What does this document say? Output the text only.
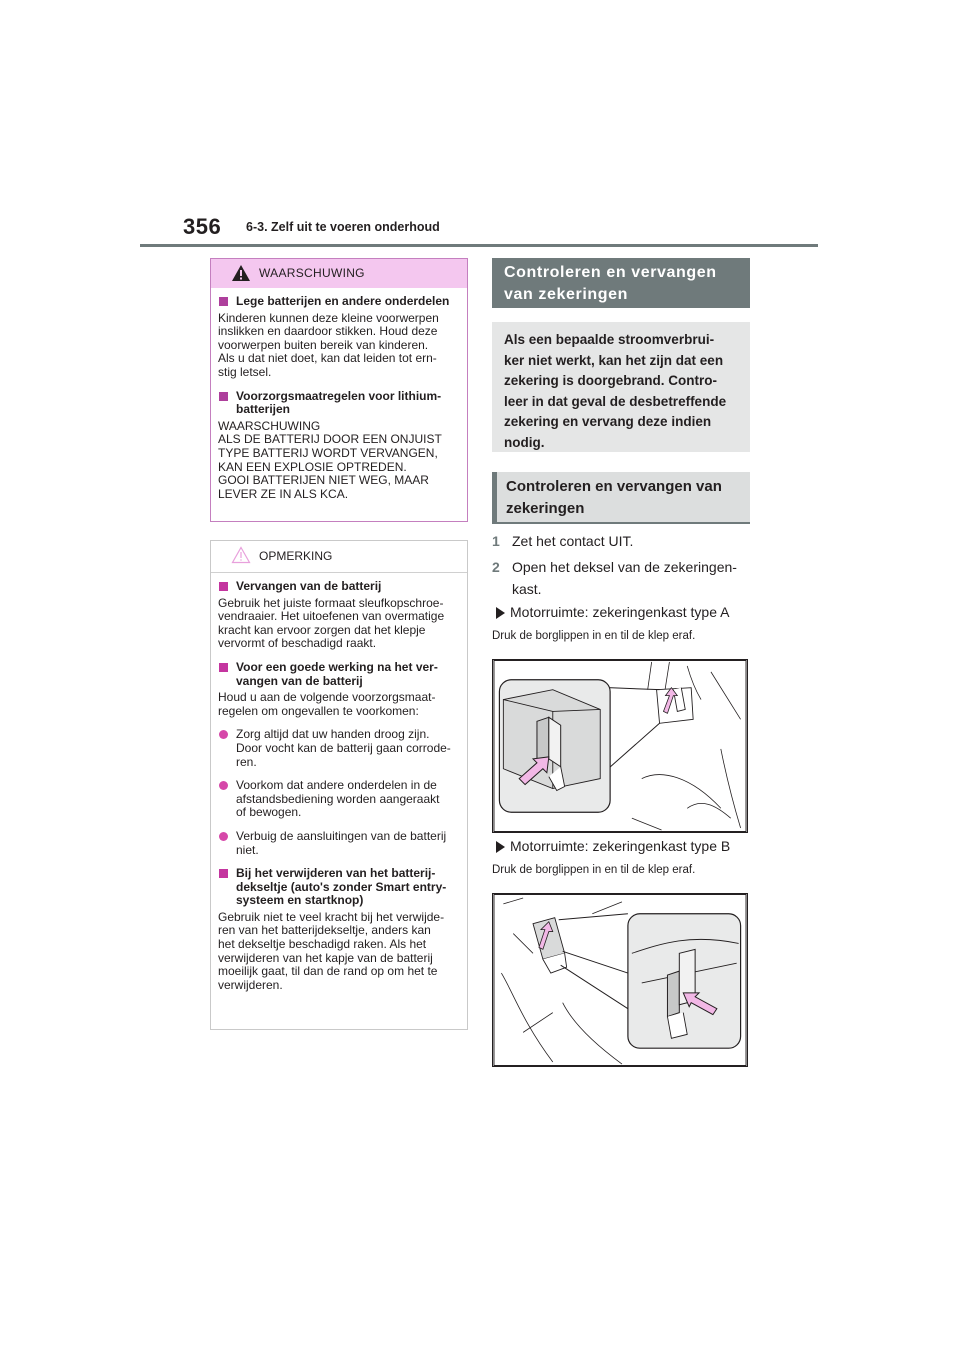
356 6-3. Zelf uit te voeren onderhoud
WAARSCHUWING
Lege batterijen en andere onderdelen
Kinderen kunnen deze kleine voorwerpen
inslikken en daardoor stikken. Houd deze
voorwerpen buiten bereik van kinderen.
Als u dat niet doet, kan dat leiden tot ern-
stig letsel.
Voorzorgsmaatregelen voor lithium-
batterijen
WAARSCHUWING
ALS DE BATTERIJ DOOR EEN ONJUIST
TYPE BATTERIJ WORDT VERVANGEN,
KAN EEN EXPLOSIE OPTREDEN.
GOOI BATTERIJEN NIET WEG, MAAR
LEVER ZE IN ALS KCA.
OPMERKING
Vervangen van de batterij
Gebruik het juiste formaat sleufkopschroe-
vendraaier. Het uitoefenen van overmatige
kracht kan ervoor zorgen dat het klepje
vervormt of beschadigd raakt.
Voor een goede werking na het ver-
vangen van de batterij
Houd u aan de volgende voorzorgsmaat-
regelen om ongevallen te voorkomen:
Zorg altijd dat uw handen droog zijn.
Door vocht kan de batterij gaan corrode-
ren.
Voorkom dat andere onderdelen in de
afstandsbediening worden aangeraakt
of bewogen.
Verbuig de aansluitingen van de batterij
niet.
Bij het verwijderen van het batterij-
dekseltje (auto's zonder Smart entry-
systeem en startknop)
Gebruik niet te veel kracht bij het verwijde-
ren van het batterijdekseltje, anders kan
het dekseltje beschadigd raken. Als het
verwijderen van het kapje van de batterij
moeilijk gaat, til dan de rand op om het te
verwijderen.
Controleren en vervangen
van zekeringen
Als een bepaalde stroomverbrui-
ker niet werkt, kan het zijn dat een
zekering is doorgebrand. Contro-
leer in dat geval de desbetreffende
zekering en vervang deze indien
nodig.
Controleren en vervangen van
zekeringen
1 Zet het contact UIT.
2 Open het deksel van de zekeringen-
kast.
Motorruimte: zekeringenkast type A
Druk de borglippen in en til de klep eraf.
Motorruimte: zekeringenkast type B
Druk de borglippen in en til de klep eraf.
